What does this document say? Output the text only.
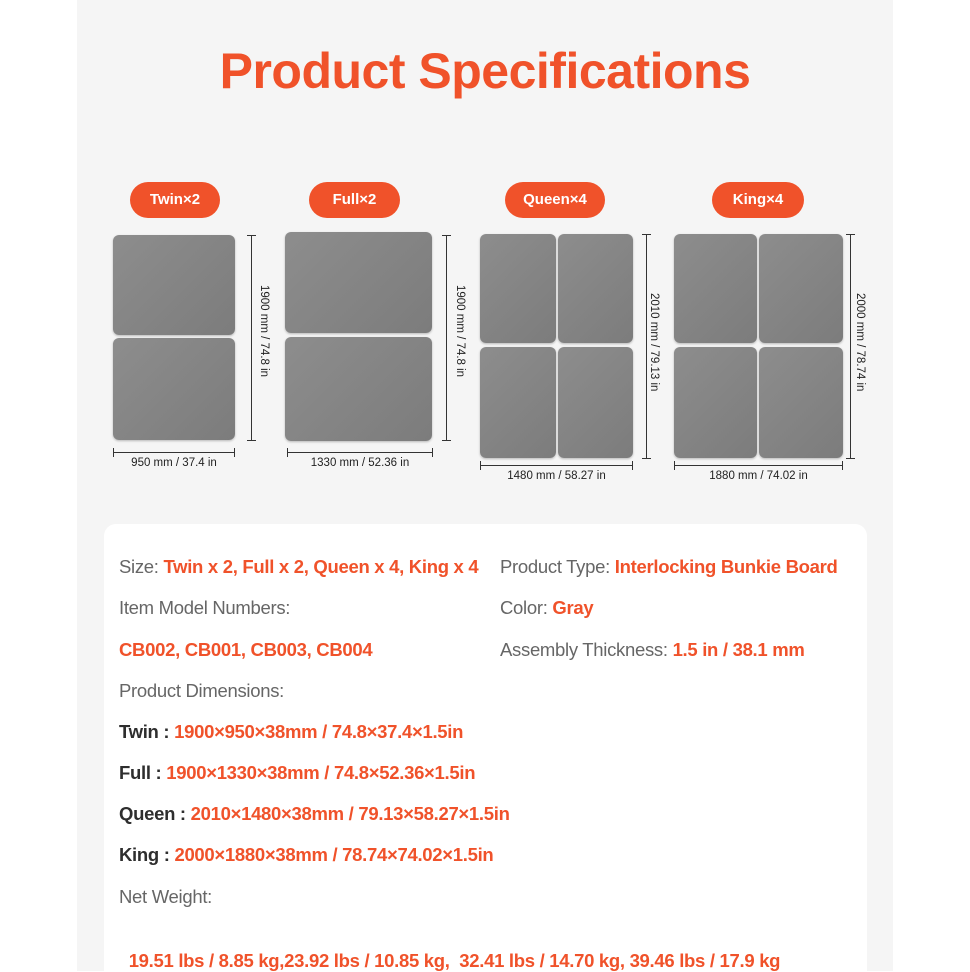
Product Specifications
Twin×2
1900 mm / 74.8 in
950 mm / 37.4 in
Full×2
1900 mm / 74.8 in
1330 mm / 52.36 in
Queen×4
2010 mm / 79.13 in
1480 mm / 58.27 in
King×4
2000 mm / 78.74 in
1880 mm / 74.02 in
Size: Twin x 2, Full x 2, Queen x 4, King x 4 Product Type: Interlocking Bunkie Board
Item Model Numbers:	Color: Gray
CB002, CB001, CB003, CB004	Assembly Thickness: 1.5 in / 38.1 mm
Product Dimensions:
Twin : 1900×950×38mm / 74.8×37.4×1.5in
Full : 1900×1330×38mm / 74.8×52.36×1.5in
Queen : 2010×1480×38mm / 79.13×58.27×1.5in
King : 2000×1880×38mm / 78.74×74.02×1.5in
Net Weight:

19.51 lbs / 8.85 kg,23.92 lbs / 10.85 kg,  32.41 lbs / 14.70 kg, 39.46 lbs / 17.9 kg
